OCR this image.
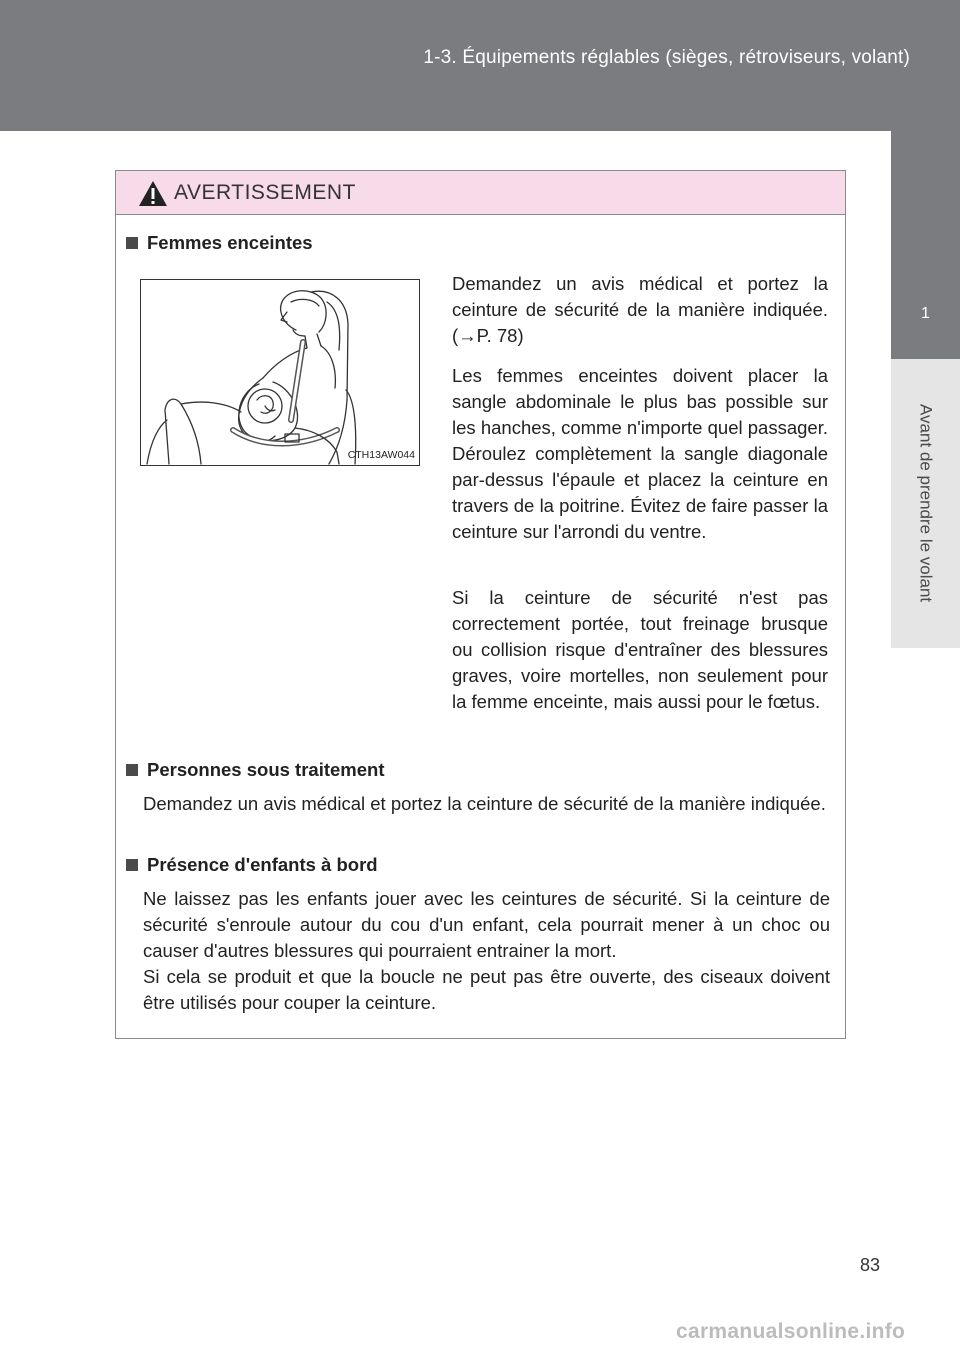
1-3. Équipements réglables (sièges, rétroviseurs, volant)
1
Avant de prendre le volant
AVERTISSEMENT
Femmes enceintes
CTH13AW044

Demandez un avis médical et portez la ceinture de sécurité de la manière indiquée. (→P. 78)

Les femmes enceintes doivent placer la sangle abdominale le plus bas possible sur les hanches, comme n'importe quel passager. Déroulez complètement la sangle diagonale par-dessus l'épaule et placez la ceinture en travers de la poitrine. Évitez de faire passer la ceinture sur l'arrondi du ventre.

Si la ceinture de sécurité n'est pas correctement portée, tout freinage brusque ou collision risque d'entraîner des blessures graves, voire mortelles, non seulement pour la femme enceinte, mais aussi pour le fœtus.

Personnes sous traitement

Demandez un avis médical et portez la ceinture de sécurité de la manière indiquée.

Présence d'enfants à bord

Ne laissez pas les enfants jouer avec les ceintures de sécurité. Si la ceinture de sécurité s'enroule autour du cou d'un enfant, cela pourrait mener à un choc ou causer d'autres blessures qui pourraient entrainer la mort.

Si cela se produit et que la boucle ne peut pas être ouverte, des ciseaux doivent être utilisés pour couper la ceinture.

83
carmanualsonline.info
